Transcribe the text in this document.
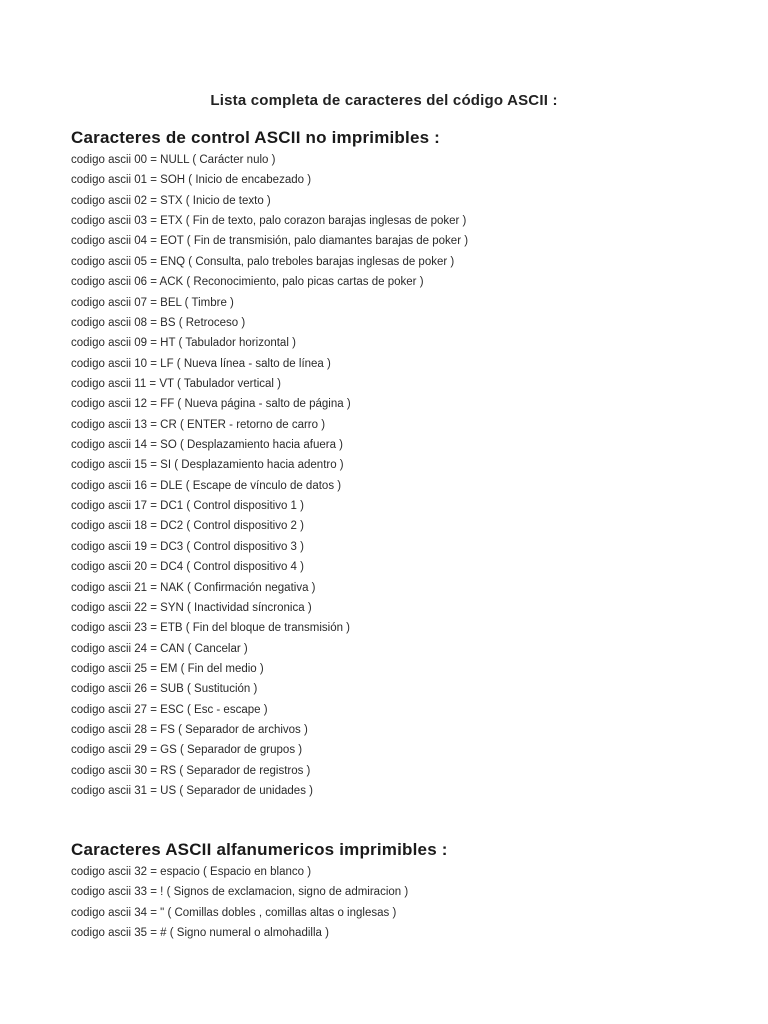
Lista completa de caracteres del código ASCII :
Caracteres de control ASCII no imprimibles :
codigo ascii 00 = NULL ( Carácter nulo )
codigo ascii 01 = SOH ( Inicio de encabezado )
codigo ascii 02 = STX ( Inicio de texto )
codigo ascii 03 = ETX ( Fin de texto, palo corazon barajas inglesas de poker )
codigo ascii 04 = EOT ( Fin de transmisión, palo diamantes barajas de poker )
codigo ascii 05 = ENQ ( Consulta, palo treboles barajas inglesas de poker )
codigo ascii 06 = ACK ( Reconocimiento, palo picas cartas de poker )
codigo ascii 07 = BEL ( Timbre )
codigo ascii 08 = BS ( Retroceso )
codigo ascii 09 = HT ( Tabulador horizontal )
codigo ascii 10 = LF ( Nueva línea - salto de línea )
codigo ascii 11 = VT ( Tabulador vertical )
codigo ascii 12 = FF ( Nueva página - salto de página )
codigo ascii 13 = CR ( ENTER - retorno de carro )
codigo ascii 14 = SO ( Desplazamiento hacia afuera )
codigo ascii 15 = SI ( Desplazamiento hacia adentro )
codigo ascii 16 = DLE ( Escape de vínculo de datos )
codigo ascii 17 = DC1 ( Control dispositivo 1 )
codigo ascii 18 = DC2 ( Control dispositivo 2 )
codigo ascii 19 = DC3 ( Control dispositivo 3 )
codigo ascii 20 = DC4 ( Control dispositivo 4 )
codigo ascii 21 = NAK ( Confirmación negativa )
codigo ascii 22 = SYN ( Inactividad síncronica )
codigo ascii 23 = ETB ( Fin del bloque de transmisión )
codigo ascii 24 = CAN ( Cancelar )
codigo ascii 25 = EM ( Fin del medio )
codigo ascii 26 = SUB ( Sustitución )
codigo ascii 27 = ESC ( Esc - escape )
codigo ascii 28 = FS ( Separador de archivos )
codigo ascii 29 = GS ( Separador de grupos )
codigo ascii 30 = RS ( Separador de registros )
codigo ascii 31 = US ( Separador de unidades )
Caracteres ASCII alfanumericos imprimibles :
codigo ascii 32 = espacio ( Espacio en blanco )
codigo ascii 33 = ! ( Signos de exclamacion, signo de admiracion )
codigo ascii 34 = " ( Comillas dobles , comillas altas o inglesas )
codigo ascii 35 = # ( Signo numeral o almohadilla )
